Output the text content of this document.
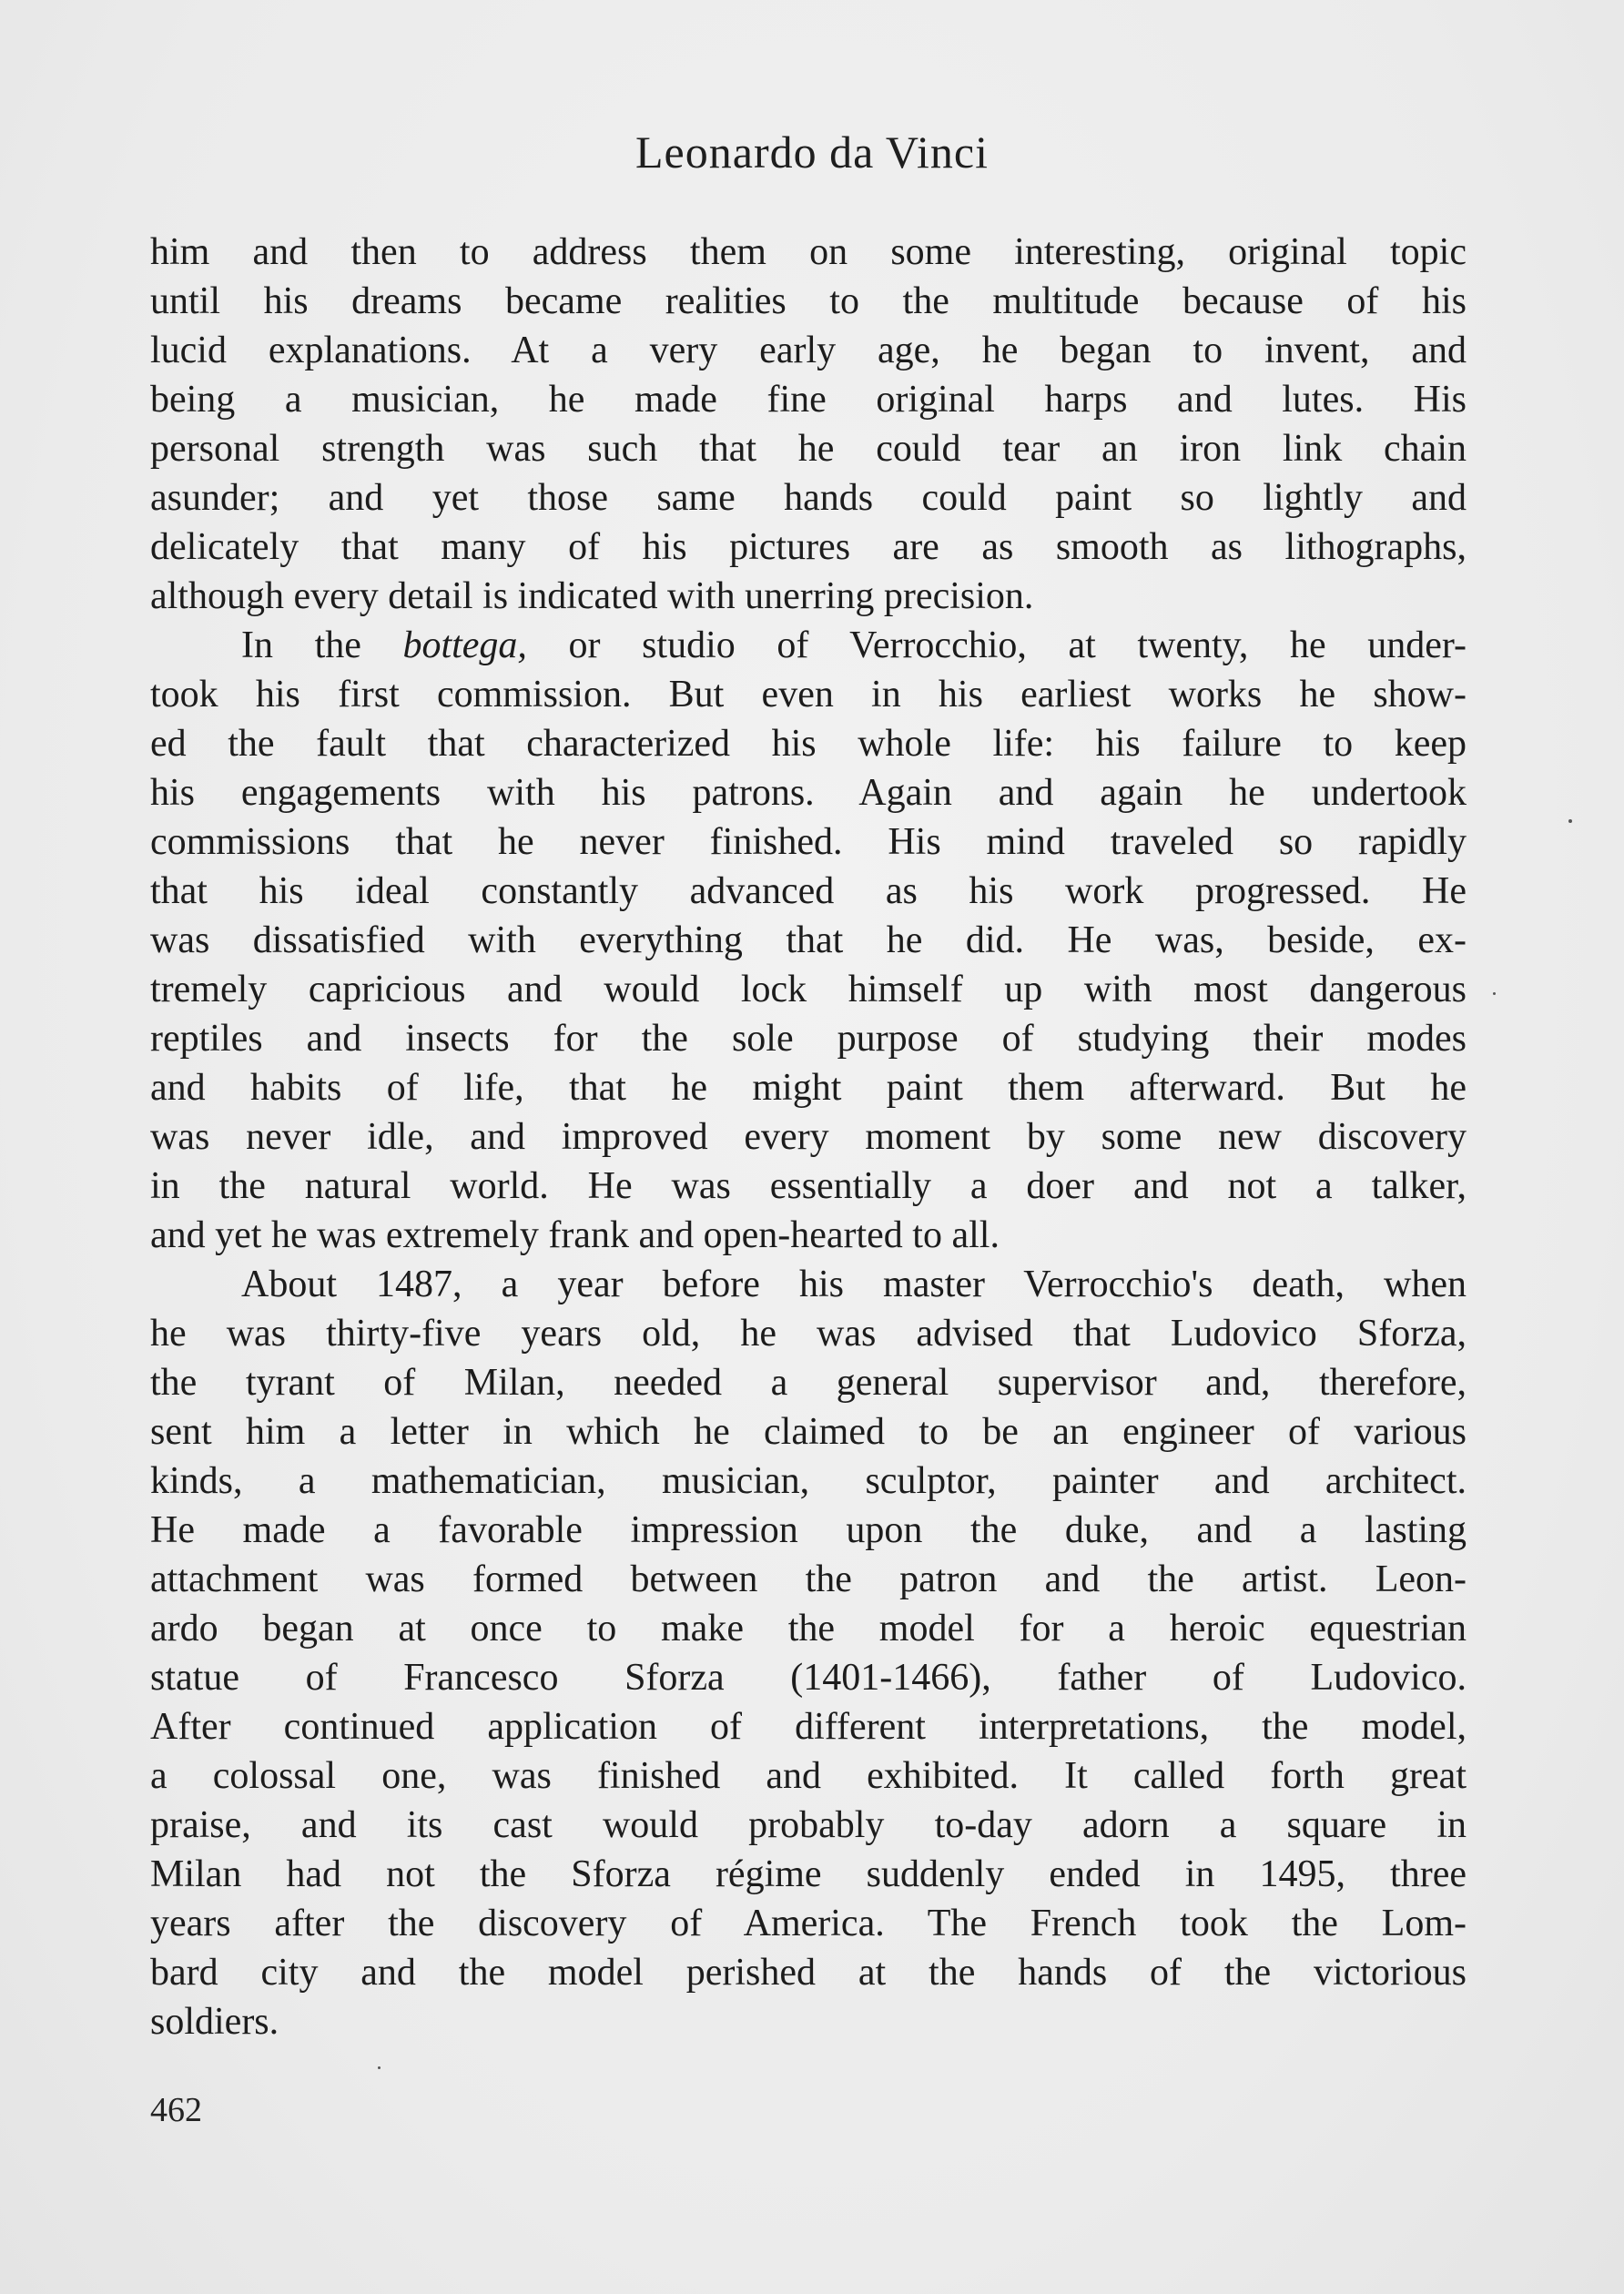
Leonardo da Vinci
him and then to address them on some interesting, original topic
until his dreams became realities to the multitude because of his
lucid explanations. At a very early age, he began to invent, and
being a musician, he made fine original harps and lutes. His
personal strength was such that he could tear an iron link chain
asunder; and yet those same hands could paint so lightly and
delicately that many of his pictures are as smooth as lithographs,
although every detail is indicated with unerring precision.
In the bottega, or studio of Verrocchio, at twenty, he under-
took his first commission. But even in his earliest works he show-
ed the fault that characterized his whole life: his failure to keep
his engagements with his patrons. Again and again he undertook
commissions that he never finished. His mind traveled so rapidly
that his ideal constantly advanced as his work progressed. He
was dissatisfied with everything that he did. He was, beside, ex-
tremely capricious and would lock himself up with most dangerous
reptiles and insects for the sole purpose of studying their modes
and habits of life, that he might paint them afterward. But he
was never idle, and improved every moment by some new discovery
in the natural world. He was essentially a doer and not a talker,
and yet he was extremely frank and open-hearted to all.
About 1487, a year before his master Verrocchio's death, when
he was thirty-five years old, he was advised that Ludovico Sforza,
the tyrant of Milan, needed a general supervisor and, therefore,
sent him a letter in which he claimed to be an engineer of various
kinds, a mathematician, musician, sculptor, painter and architect.
He made a favorable impression upon the duke, and a lasting
attachment was formed between the patron and the artist. Leon-
ardo began at once to make the model for a heroic equestrian
statue of Francesco Sforza (1401-1466), father of Ludovico.
After continued application of different interpretations, the model,
a colossal one, was finished and exhibited. It called forth great
praise, and its cast would probably to-day adorn a square in
Milan had not the Sforza régime suddenly ended in 1495, three
years after the discovery of America. The French took the Lom-
bard city and the model perished at the hands of the victorious
soldiers.
462
